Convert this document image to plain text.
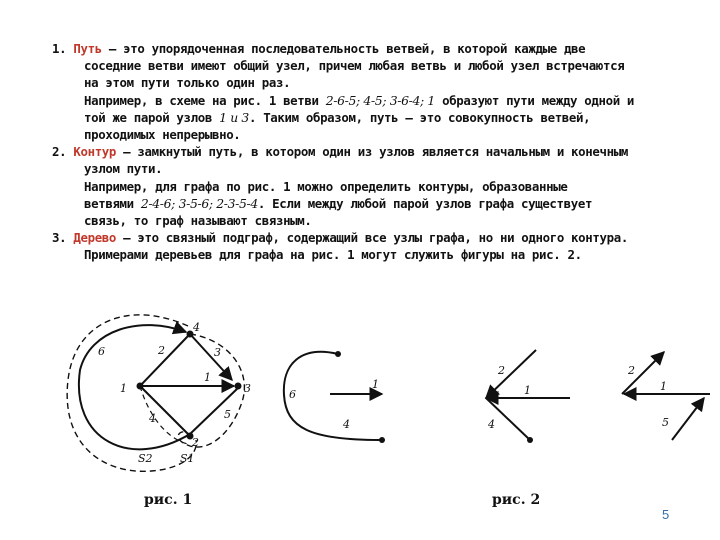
1. Путь – это упорядоченная последовательность ветвей, в которой каждые две
соседние ветви имеют общий узел, причем любая ветвь и любой узел встречаются
на этом пути только один раз.
Например, в схеме на рис. 1 ветви 2-6-5; 4-5; 3-6-4; 1 образуют пути между одной и
той же парой узлов 1 и 3. Таким образом, путь – это совокупность ветвей,
проходимых непрерывно.
2. Контур – замкнутый путь, в котором один из узлов является начальным и конечным
узлом пути.
Например, для графа по рис. 1 можно определить контуры, образованные
ветвями 2-4-6; 3-5-6; 2-3-5-4. Если между любой парой узлов графа существует
связь, то граф называют связным.
3. Дерево – это связный подграф, содержащий все узлы графа, но ни одного контура.
Примерами деревьев для графа на рис. 1 могут служить фигуры на рис. 2.
1
4
3
2
1
2	3
4	5
6
S1
S2
6
1
4
2
1
4
2
1
5
рис. 1	рис. 2
5
